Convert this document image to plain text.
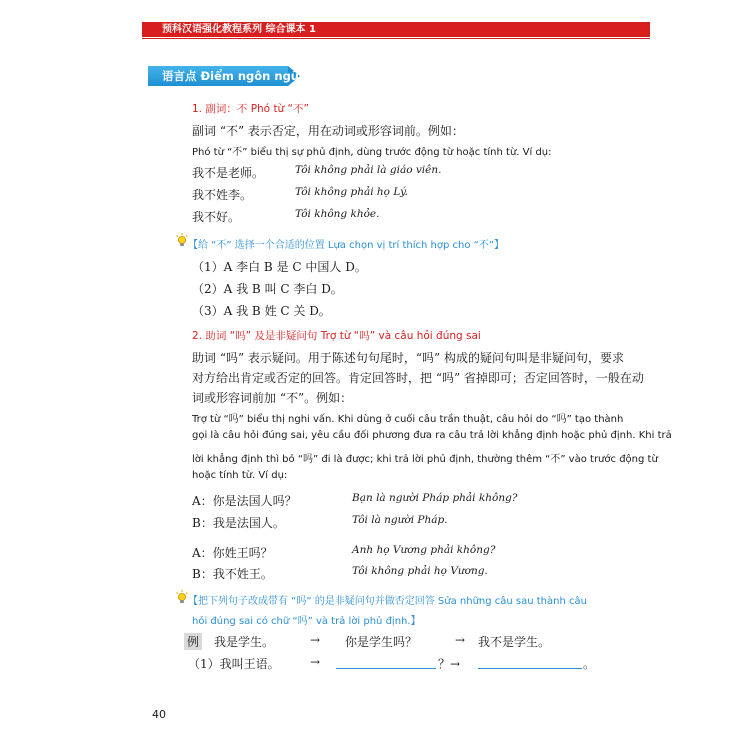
预科汉语强化教程系列 综合课本 1
语言点 Điểm ngôn ngữ
1. 副词：不 Phó từ “不”
副词 “不” 表示否定，用在动词或形容词前。例如：
Phó từ “不” biểu thị sự phủ định, dùng trước động từ hoặc tính từ. Ví dụ:
我不是老师。	Tôi không phải là giáo viên.
我不姓李。	Tôi không phải họ Lý.
我不好。	Tôi không khỏe.
【给 “不” 选择一个合适的位置 Lựa chọn vị trí thích hợp cho “不”】
（1）A 李白 B 是 C 中国人 D。
（2）A 我 B 叫 C 李白 D。
（3）A 我 B 姓 C 关 D。
2. 助词 “吗” 及是非疑问句 Trợ từ “吗” và câu hỏi đúng sai
助词 “吗” 表示疑问。用于陈述句句尾时，“吗” 构成的疑问句叫是非疑问句，要求
对方给出肯定或否定的回答。肯定回答时，把 “吗” 省掉即可；否定回答时，一般在动
词或形容词前加 “不”。例如：
Trợ từ “吗” biểu thị nghi vấn. Khi dùng ở cuối câu trần thuật, câu hỏi do “吗” tạo thành
gọi là câu hỏi đúng sai, yêu cầu đối phương đưa ra câu trả lời khẳng định hoặc phủ định. Khi trả
lời khẳng định thì bỏ “吗” đi là được; khi trả lời phủ định, thường thêm “不” vào trước động từ
hoặc tính từ. Ví dụ:
A：你是法国人吗？	Bạn là người Pháp phải không?
B：我是法国人。	Tôi là người Pháp.
A：你姓王吗？	Anh họ Vương phải không?
B：我不姓王。	Tôi không phải họ Vương.
【把下列句子改成带有 “吗” 的是非疑问句并做否定回答 Sửa những câu sau thành câu
hỏi đúng sai có chữ “吗” và trả lời phủ định.】
例	我是学生。	→ 你是学生吗？	→ 我不是学生。
（1）我叫王语。	→	？→	。
40
